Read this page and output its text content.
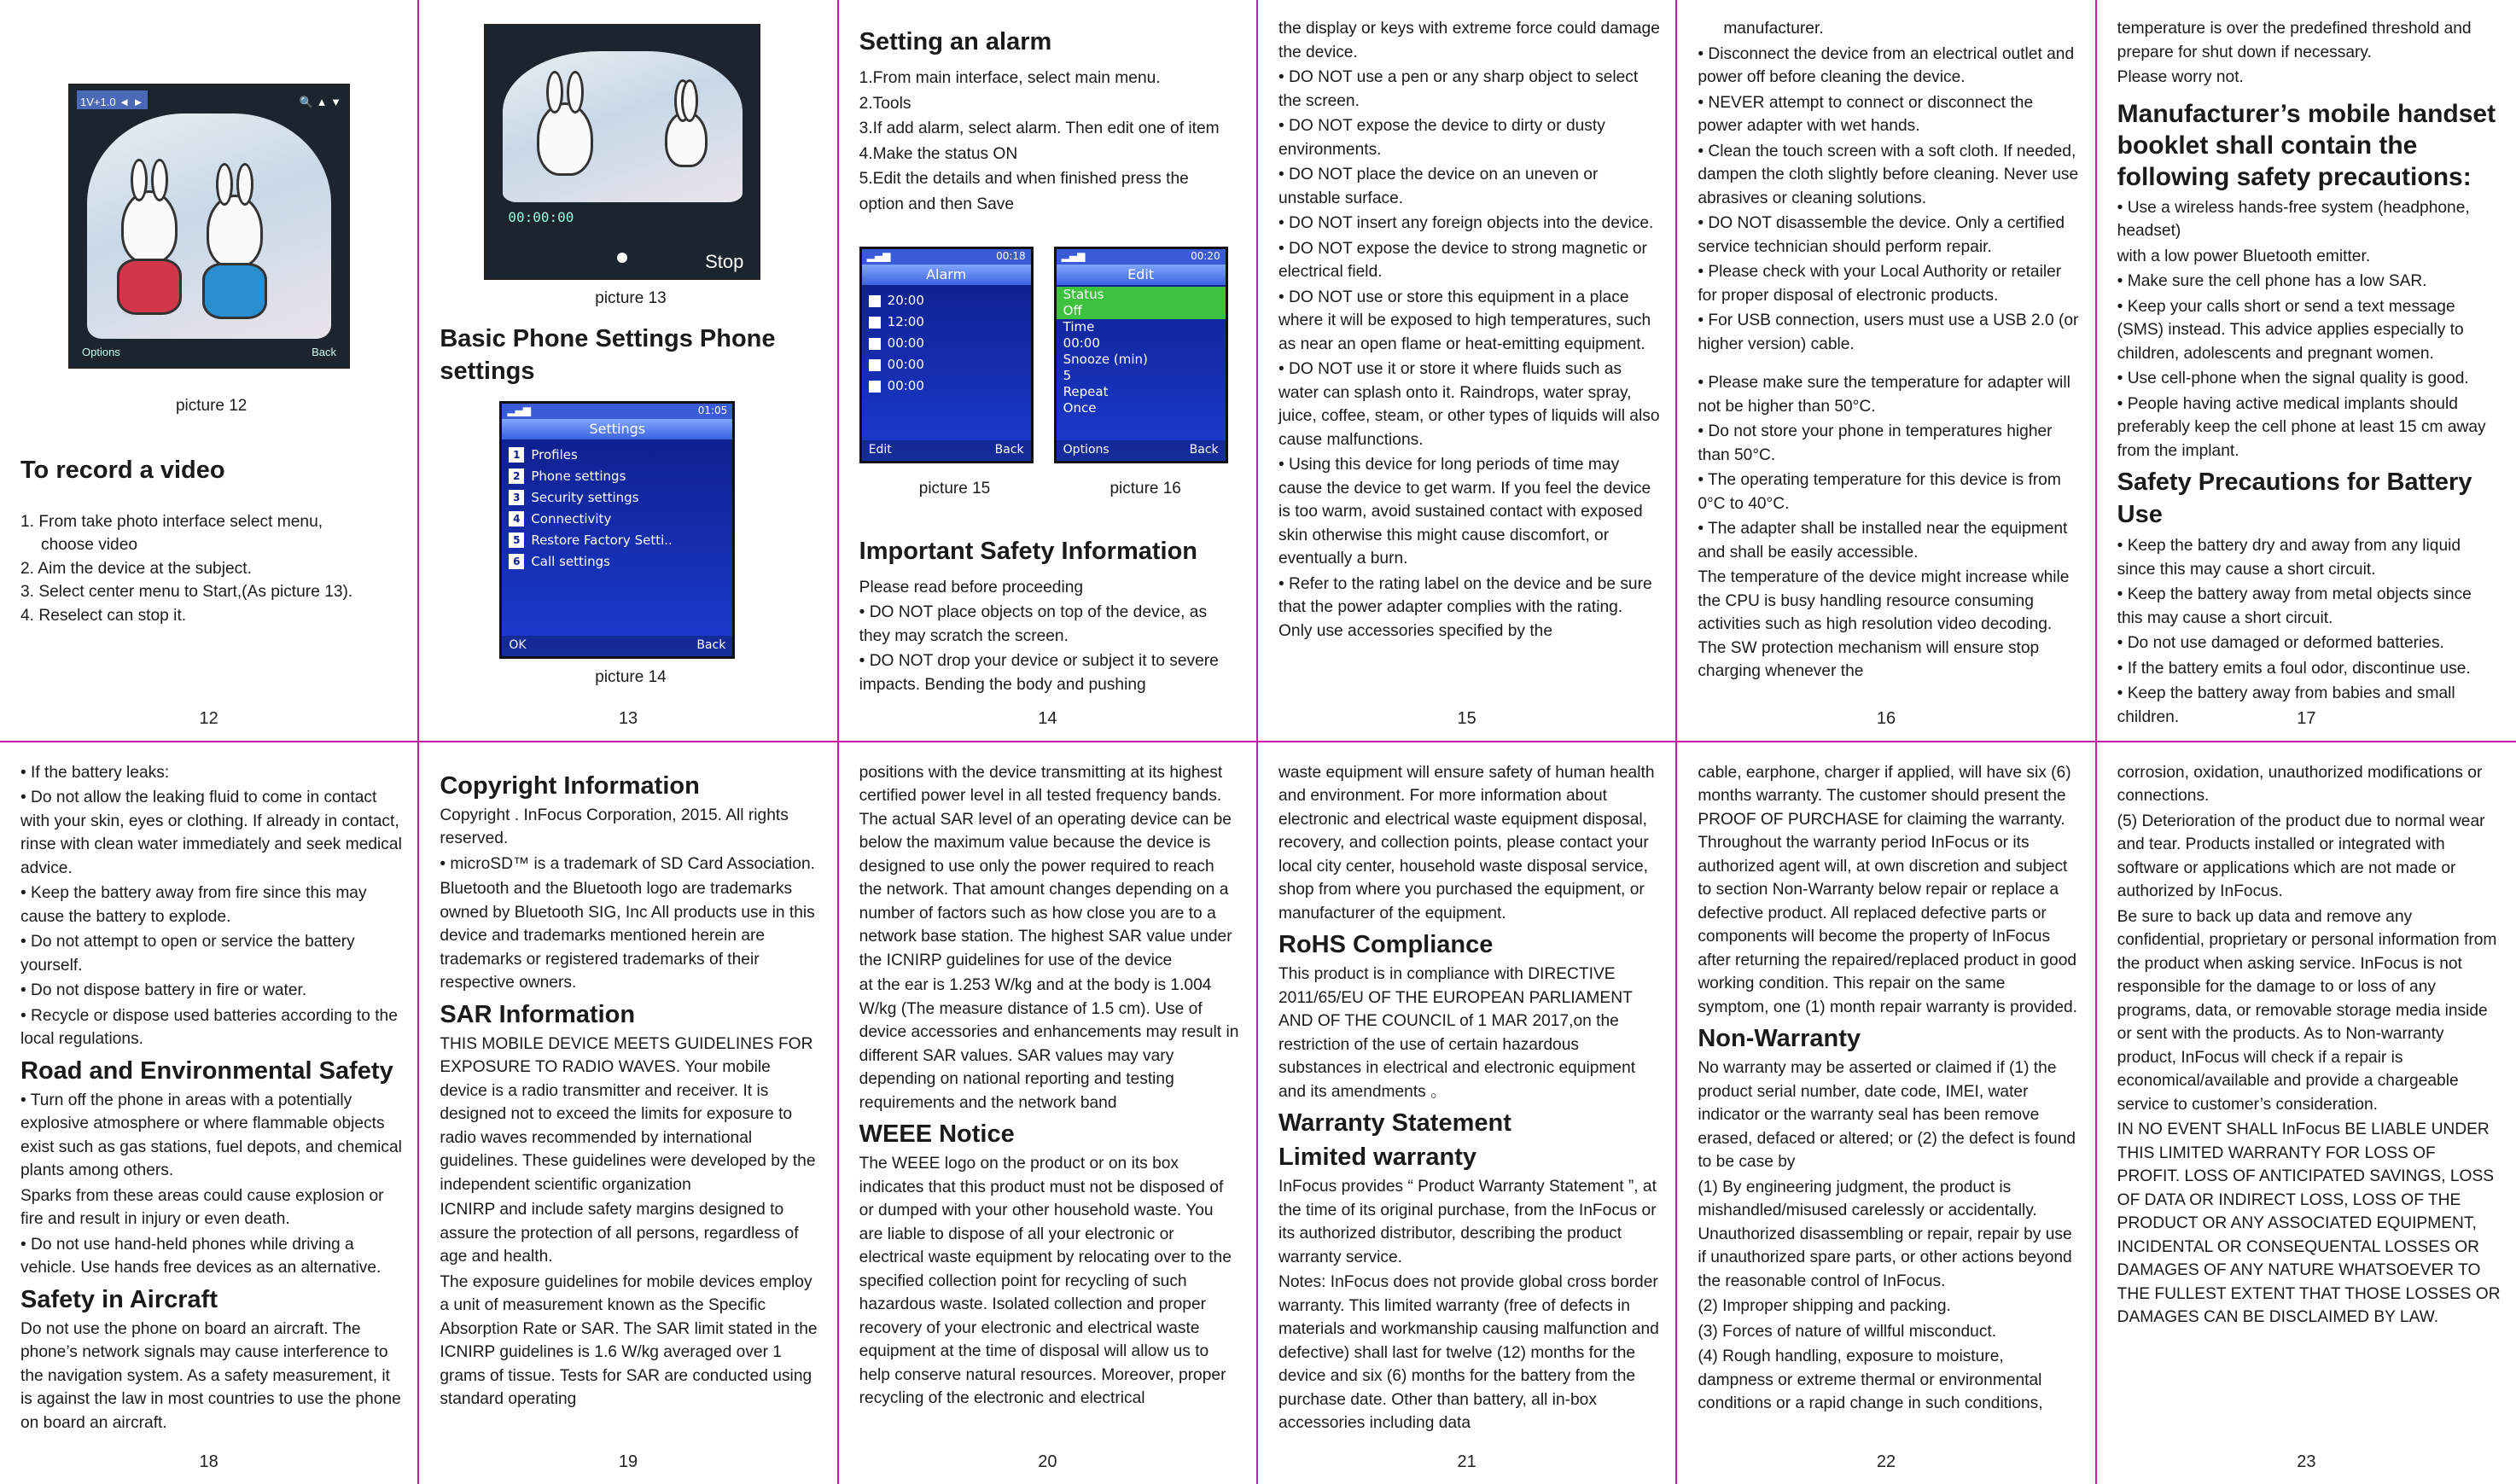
1V+1.0 ◄ ►	🔍 ▲ ▼
Options	Back
picture 12
To record a video
1. From take photo interface select menu,
choose video
2. Aim the device at the subject.
3. Select center menu to Start,(As picture 13).
4. Reselect can stop it.
12
00:00:00
Stop
picture 13
Basic Phone Settings Phone settings
▂▄▆	01:05
Settings
1 Profiles
2 Phone settings
3 Security settings
4 Connectivity
5 Restore Factory Setti..
6 Call settings
OK	Back
picture 14
13
Setting an alarm

1.From main interface, select main menu.

2.Tools

3.If add alarm, select alarm. Then edit one of item

4.Make the status ON

5.Edit the details and when finished press the

option and then Save

▂▄▆	00:18
Alarm
20:00
12:00
00:00
00:00
00:00
Edit	Back
▂▄▆	00:20
Edit
Status
Off
Time
00:00
Snooze (min)
5
Repeat
Once
Options	Back
picture 15	picture 16
Important Safety Information

Please read before proceeding

• DO NOT place objects on top of the device, as they may scratch the screen.

• DO NOT drop your device or subject it to severe impacts. Bending the body and pushing

14

the display or keys with extreme force could damage the device.

• DO NOT use a pen or any sharp object to select the screen.

• DO NOT expose the device to dirty or dusty environments.

• DO NOT place the device on an uneven or unstable surface.

• DO NOT insert any foreign objects into the device.

• DO NOT expose the device to strong magnetic or electrical field.

• DO NOT use or store this equipment in a place where it will be exposed to high temperatures, such as near an open flame or heat-emitting equipment.

• DO NOT use it or store it where fluids such as water can splash onto it. Raindrops, water spray, juice, coffee, steam, or other types of liquids will also cause malfunctions.

• Using this device for long periods of time may cause the device to get warm. If you feel the device is too warm, avoid sustained contact with exposed skin otherwise this might cause discomfort, or eventually a burn.

• Refer to the rating label on the device and be sure that the power adapter complies with the rating. Only use accessories specified by the

15

manufacturer.

• Disconnect the device from an electrical outlet and power off before cleaning the device.

• NEVER attempt to connect or disconnect the power adapter with wet hands.

• Clean the touch screen with a soft cloth. If needed, dampen the cloth slightly before cleaning. Never use abrasives or cleaning solutions.

• DO NOT disassemble the device. Only a certified service technician should perform repair.

• Please check with your Local Authority or retailer for proper disposal of electronic products.

• For USB connection, users must use a USB 2.0 (or higher version) cable.

• Please make sure the temperature for adapter will not be higher than 50°C.

• Do not store your phone in temperatures higher than 50°C.

• The operating temperature for this device is from 0°C to 40°C.

• The adapter shall be installed near the equipment and shall be easily accessible.

The temperature of the device might increase while the CPU is busy handling resource consuming activities such as high resolution video decoding. The SW protection mechanism will ensure stop charging whenever the

16

temperature is over the predefined threshold and prepare for shut down if necessary.

Please worry not.

Manufacturer’s mobile handset booklet shall contain the following safety precautions:

• Use a wireless hands-free system (headphone, headset)

with a low power Bluetooth emitter.

• Make sure the cell phone has a low SAR.

• Keep your calls short or send a text message (SMS) instead. This advice applies especially to children, adolescents and pregnant women.

• Use cell-phone when the signal quality is good.

• People having active medical implants should preferably keep the cell phone at least 15 cm away from the implant.

Safety Precautions for Battery Use

• Keep the battery dry and away from any liquid since this may cause a short circuit.

• Keep the battery away from metal objects since this may cause a short circuit.

• Do not use damaged or deformed batteries.

• If the battery emits a foul odor, discontinue use.

• Keep the battery away from babies and small children.	17

• If the battery leaks:

• Do not allow the leaking fluid to come in contact with your skin, eyes or clothing. If already in contact, rinse with clean water immediately and seek medical advice.

• Keep the battery away from fire since this may cause the battery to explode.

• Do not attempt to open or service the battery yourself.

• Do not dispose battery in fire or water.

• Recycle or dispose used batteries according to the local regulations.

Road and Environmental Safety

• Turn off the phone in areas with a potentially explosive atmosphere or where flammable objects exist such as gas stations, fuel depots, and chemical plants among others.

Sparks from these areas could cause explosion or fire and result in injury or even death.

• Do not use hand-held phones while driving a vehicle. Use hands free devices as an alternative.

Safety in Aircraft

Do not use the phone on board an aircraft. The phone’s network signals may cause interference to the navigation system. As a safety measurement, it is against the law in most countries to use the phone on board an aircraft.

18
Copyright Information

Copyright . InFocus Corporation, 2015. All rights reserved.

• microSD™ is a trademark of SD Card Association.

Bluetooth and the Bluetooth logo are trademarks owned by Bluetooth SIG, Inc All products use in this device and trademarks mentioned herein are trademarks or registered trademarks of their respective owners.

SAR Information

THIS MOBILE DEVICE MEETS GUIDELINES FOR EXPOSURE TO RADIO WAVES. Your mobile device is a radio transmitter and receiver. It is designed not to exceed the limits for exposure to radio waves recommended by international guidelines. These guidelines were developed by the independent scientific organization

ICNIRP and include safety margins designed to assure the protection of all persons, regardless of age and health.

The exposure guidelines for mobile devices employ a unit of measurement known as the Specific Absorption Rate or SAR. The SAR limit stated in the ICNIRP guidelines is 1.6 W/kg averaged over 1 grams of tissue. Tests for SAR are conducted using standard operating

19

positions with the device transmitting at its highest certified power level in all tested frequency bands. The actual SAR level of an operating device can be below the maximum value because the device is designed to use only the power required to reach the network. That amount changes depending on a number of factors such as how close you are to a network base station. The highest SAR value under the ICNIRP guidelines for use of the device

at the ear is 1.253 W/kg and at the body is 1.004 W/kg (The measure distance of 1.5 cm). Use of device accessories and enhancements may result in different SAR values. SAR values may vary depending on national reporting and testing requirements and the network band

WEEE Notice

The WEEE logo on the product or on its box indicates that this product must not be disposed of or dumped with your other household waste. You are liable to dispose of all your electronic or electrical waste equipment by relocating over to the specified collection point for recycling of such hazardous waste. Isolated collection and proper recovery of your electronic and electrical waste equipment at the time of disposal will allow us to help conserve natural resources. Moreover, proper recycling of the electronic and electrical

20

waste equipment will ensure safety of human health and environment. For more information about electronic and electrical waste equipment disposal, recovery, and collection points, please contact your local city center, household waste disposal service, shop from where you purchased the equipment, or manufacturer of the equipment.

RoHS Compliance

This product is in compliance with DIRECTIVE 2011/65/EU OF THE EUROPEAN PARLIAMENT AND OF THE COUNCIL of 1 MAR 2017,on the restriction of the use of certain hazardous substances in electrical and electronic equipment and its amendments 。

Warranty Statement
Limited warranty

InFocus provides “ Product Warranty Statement ”, at the time of its original purchase, from the InFocus or its authorized distributor, describing the product warranty service.

Notes: InFocus does not provide global cross border warranty. This limited warranty (free of defects in materials and workmanship causing malfunction and defective) shall last for twelve (12) months for the device and six (6) months for the battery from the purchase date. Other than battery, all in-box accessories including data

21

cable, earphone, charger if applied, will have six (6) months warranty. The customer should present the PROOF OF PURCHASE for claiming the warranty. Throughout the warranty period InFocus or its authorized agent will, at own discretion and subject to section Non-Warranty below repair or replace a defective product. All replaced defective parts or components will become the property of InFocus after returning the repaired/replaced product in good working condition. This repair on the same symptom, one (1) month repair warranty is provided.

Non-Warranty

No warranty may be asserted or claimed if (1) the product serial number, date code, IMEI, water indicator or the warranty seal has been remove erased, defaced or altered; or (2) the defect is found to be case by

(1) By engineering judgment, the product is mishandled/misused carelessly or accidentally. Unauthorized disassembling or repair, repair by use if unauthorized spare parts, or other actions beyond the reasonable control of InFocus.

(2) Improper shipping and packing.

(3) Forces of nature of willful misconduct.

(4) Rough handling, exposure to moisture, dampness or extreme thermal or environmental conditions or a rapid change in such conditions,

22

corrosion, oxidation, unauthorized modifications or connections.

(5) Deterioration of the product due to normal wear and tear. Products installed or integrated with software or applications which are not made or authorized by InFocus.

Be sure to back up data and remove any confidential, proprietary or personal information from the product when asking service. InFocus is not responsible for the damage to or loss of any programs, data, or removable storage media inside or sent with the products. As to Non-warranty product, InFocus will check if a repair is economical/available and provide a chargeable service to customer’s consideration.

IN NO EVENT SHALL InFocus BE LIABLE UNDER THIS LIMITED WARRANTY FOR LOSS OF PROFIT. LOSS OF ANTICIPATED SAVINGS, LOSS OF DATA OR INDIRECT LOSS, LOSS OF THE PRODUCT OR ANY ASSOCIATED EQUIPMENT, INCIDENTAL OR CONSEQUENTAL LOSSES OR DAMAGES OF ANY NATURE WHATSOEVER TO THE FULLEST EXTENT THAT THOSE LOSSES OR DAMAGES CAN BE DISCLAIMED BY LAW.

23
